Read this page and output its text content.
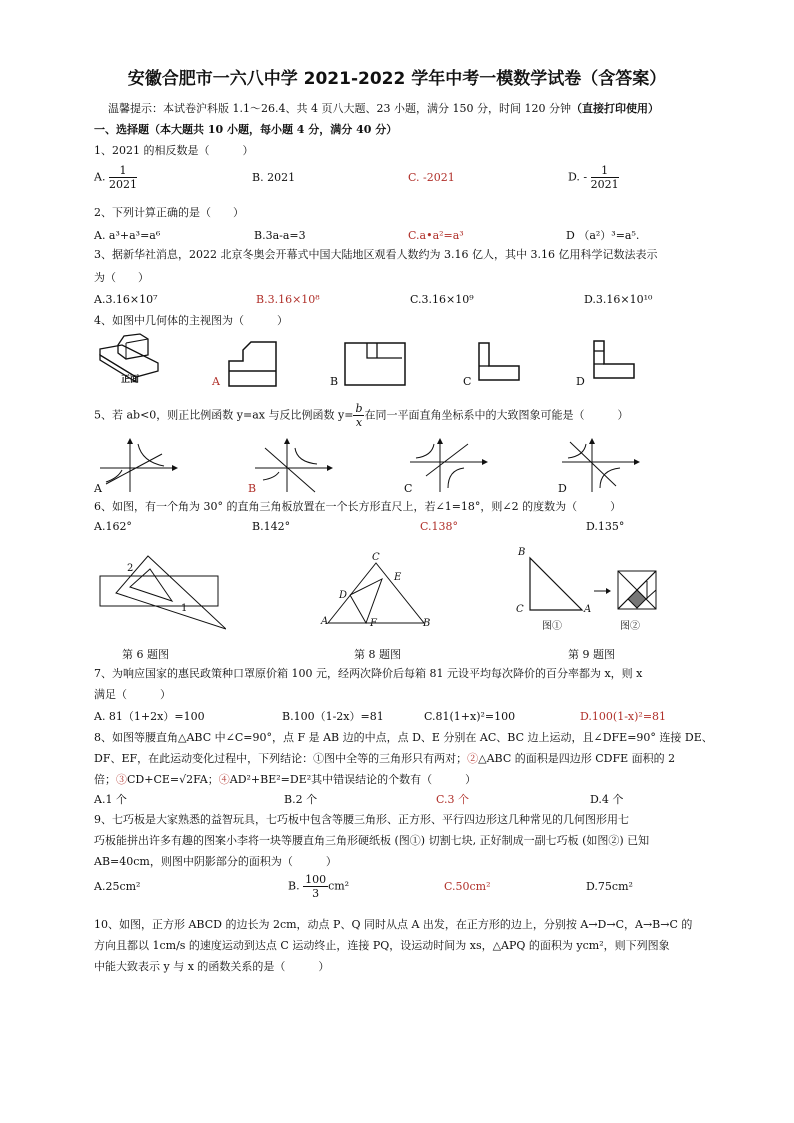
安徽合肥市一六八中学 2021-2022 学年中考一模数学试卷（含答案）
温馨提示：本试卷沪科版 1.1～26.4、共 4 页八大题、23 小题，满分 150 分，时间 120 分钟（直接打印使用）
一、选择题（本大题共 10 小题，每小题 4 分，满分 40 分）
1、2021 的相反数是（　　　）
A. $\frac{1}{2021}$	B. 2021	C. -2021	D. - $\frac{1}{2021}$
2、下列计算正确的是（　　）
A. a³+a³=a⁶	B.3a-a=3	C.a•a²=a³	D （a²）³=a⁵.
3、据新华社消息，2022 北京冬奥会开幕式中国大陆地区观看人数约为 3.16 亿人，其中 3.16 亿用科学记数法表示
为（　　）
A.3.16×10⁷	B.3.16×10⁸	C.3.16×10⁹	D.3.16×10¹⁰
4、如图中几何体的主视图为（　　　）
正面	A	B	C	D
5、若 ab<0，则正比例函数 y=ax 与反比例函数 $y= \frac{b}{x}$ 在同一平面直角坐标系中的大致图象可能是（　　　）
A	B	C	D
6、如图，有一个角为 30° 的直角三角板放置在一个长方形直尺上，若∠1=18°，则∠2 的度数为（　　　）
A.162°	B.142°	C.138°	D.135°
2
1
C
E
D
A	F	B
B
C	A
图①	图②
第 6 题图	第 8 题图	第 9 题图
7、为响应国家的惠民政策种口罩原价箱 100 元，经两次降价后每箱 81 元设平均每次降价的百分率都为 x，则 x
满足（　　　）
A. 81（1+2x）=100	B.100（1-2x）=81	C.81(1+x)²=100	D.100(1-x)²=81
8、如图等腰直角△ABC 中∠C=90°，点 F 是 AB 边的中点，点 D、E 分别在 AC、BC 边上运动，且∠DFE=90° 连接 DE、
DF、EF，在此运动变化过程中，下列结论：①图中全等的三角形只有两对；②△ABC 的面积是四边形 CDFE 面积的 2
倍；③CD+CE=√2FA；④AD²+BE²=DE²其中错误结论的个数有（　　　）
A.1 个	B.2 个	C.3 个	D.4 个
9、七巧板是大家熟悉的益智玩具，七巧板中包含等腰三角形、正方形、平行四边形这几种常见的几何图形用七
巧板能拼出许多有趣的图案小李将一块等腰直角三角形硬纸板 (图①) 切割七块, 正好制成一副七巧板 (如图②) 已知
AB=40cm，则图中阴影部分的面积为（　　　）
A.25cm²	B. $\frac{100}{3} cm^2$	C.50cm²	D.75cm²
10、如图，正方形 ABCD 的边长为 2cm，动点 P、Q 同时从点 A 出发，在正方形的边上，分别按 A→D→C，A→B→C 的
方向且都以 1cm/s 的速度运动到达点 C 运动终止，连接 PQ，设运动时间为 xs，△APQ 的面积为 ycm²，则下列图象
中能大致表示 y 与 x 的函数关系的是（　　　）
